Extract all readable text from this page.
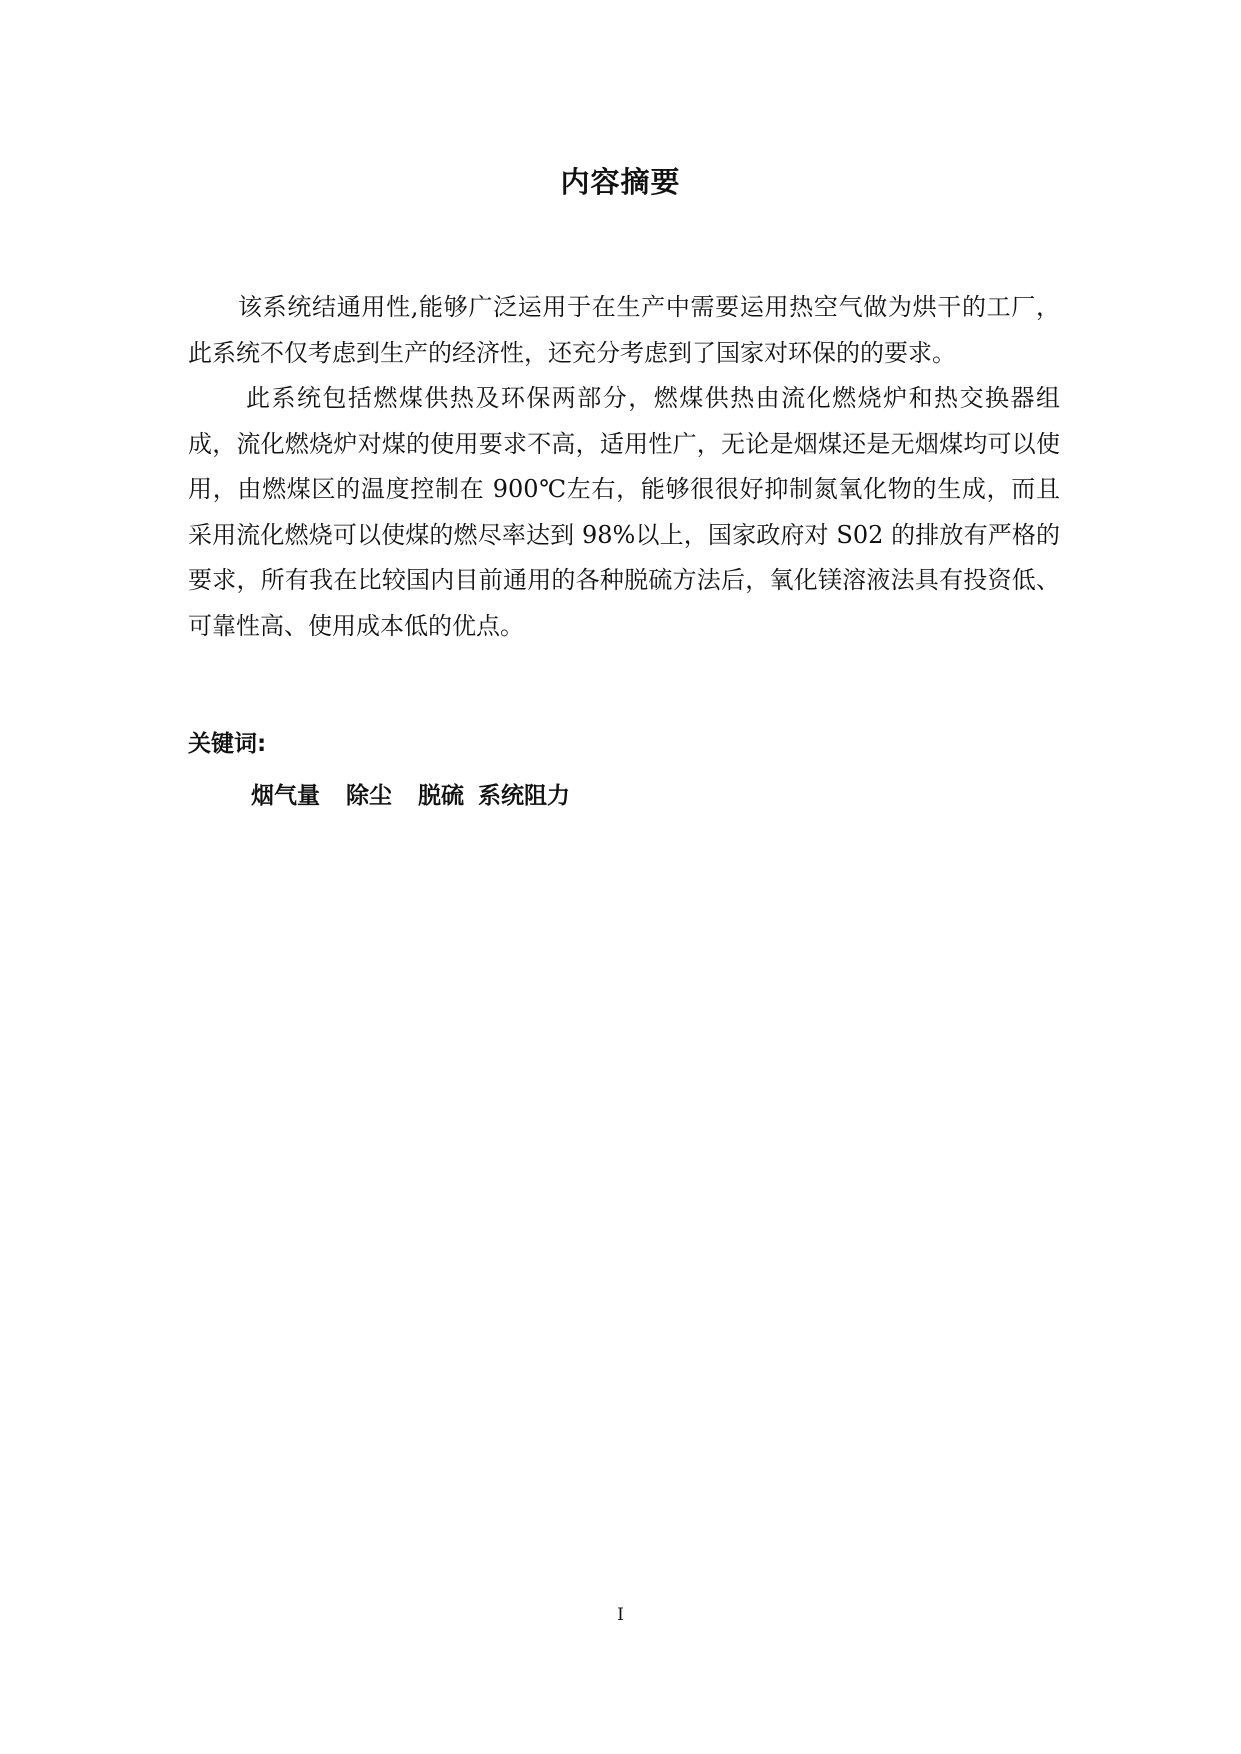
内容摘要

该系统结通用性,能够广泛运用于在生产中需要运用热空气做为烘干的工厂，此系统不仅考虑到生产的经济性，还充分考虑到了国家对环保的的要求。

此系统包括燃煤供热及环保两部分，燃煤供热由流化燃烧炉和热交换器组成，流化燃烧炉对煤的使用要求不高，适用性广，无论是烟煤还是无烟煤均可以使用，由燃煤区的温度控制在 900℃左右，能够很很好抑制氮氧化物的生成，而且采用流化燃烧可以使煤的燃尽率达到 98%以上，国家政府对 S02 的排放有严格的要求，所有我在比较国内目前通用的各种脱硫方法后，氧化镁溶液法具有投资低、可靠性高、使用成本低的优点。

关键词:
烟气量 除尘 脱硫 系统阻力
I
